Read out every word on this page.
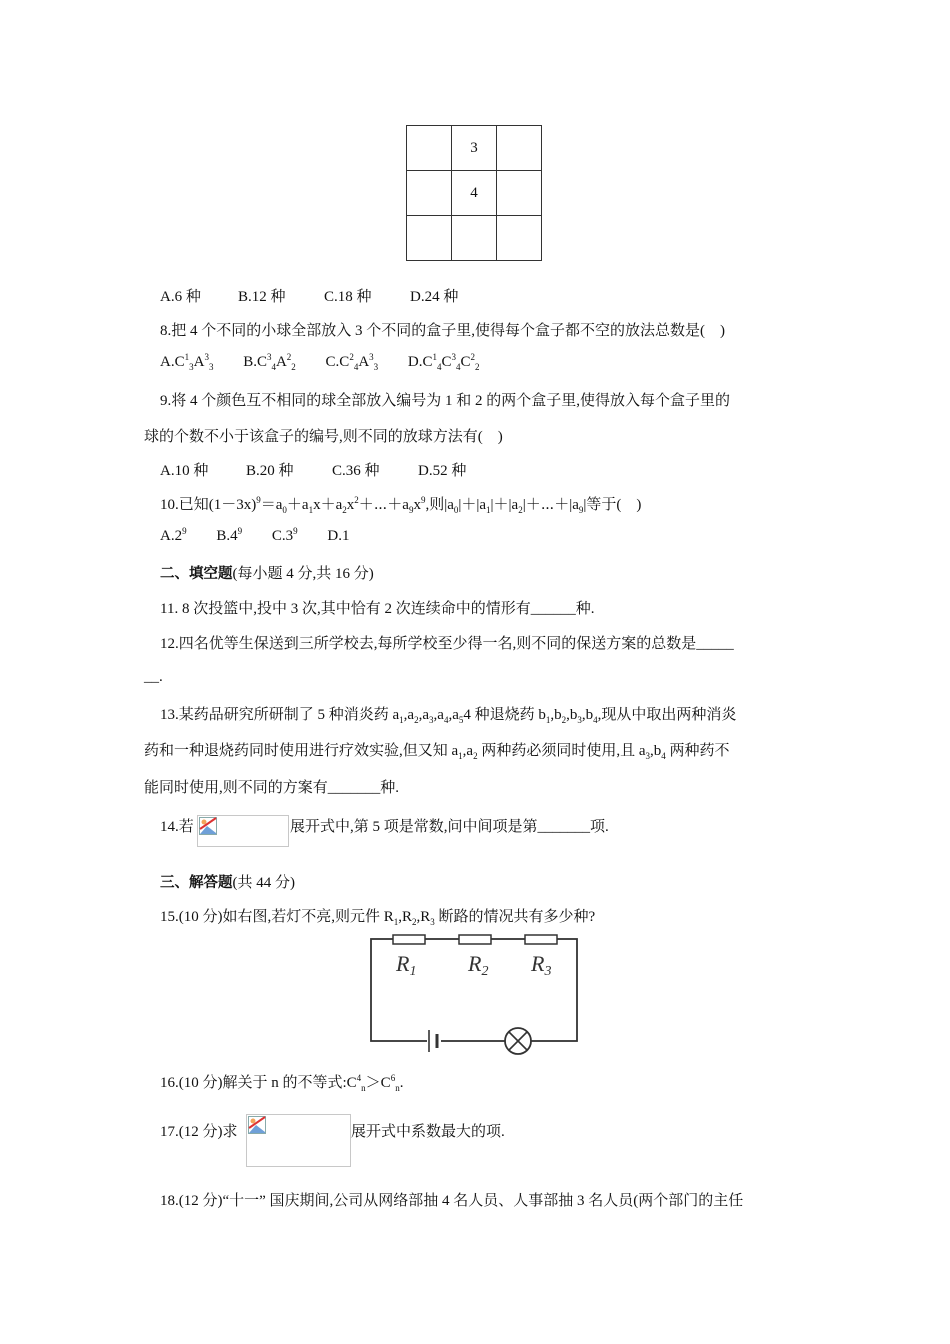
	3	
	4	

A.6 种 B.12 种	C.18 种	D.24 种
8.把 4 个不同的小球全部放入 3 个不同的盒子里,使得每个盒子都不空的放法总数是(　)
$A.C^1_3A^3_3$ $B.C^3_4A^2_2$ $C.C^2_4A^3_3$ $D.C^1_4C^3_4C^2_2$
9.将 4 个颜色互不相同的球全部放入编号为 1 和 2 的两个盒子里,使得放入每个盒子里的
球的个数不小于该盒子的编号,则不同的放球方法有(　)
A.10 种	B.20 种	C.36 种	D.52 种
10.已知$(1-3x)^9=a_0+a_1x+a_2x^2+\cdots+a_9x^9$,则$|a_0|+|a_1|+|a_2|+\cdots+|a_9|$等于(　)
$A.2^9$ $B.4^9$ $C.3^9$ D.1
二、填空题(每小题 4 分,共 16 分)
11. 8 次投篮中,投中 3 次,其中恰有 2 次连续命中的情形有______种.
12.四名优等生保送到三所学校去,每所学校至少得一名,则不同的保送方案的总数是_____
__.
13.某药品研究所研制了 5 种消炎药 $a_1,a_2,a_3,a_4,a_54$ 种退烧药 $b_1,b_2,b_3,b_4$,现从中取出两种消炎
药和一种退烧药同时使用进行疗效实验,但又知 $a_1,a_2$ 两种药必须同时使用,且 $a_3,b_4$ 两种药不
能同时使用,则不同的方案有_______种.
14.若	展开式中,第 5 项是常数,问中间项是第_______项.
三、解答题(共 44 分)
15.(10 分)如右图,若灯不亮,则元件 $R_1,R_2,R_3$ 断路的情况共有多少种?
R1 R2 R3
16.(10 分)解关于 n 的不等式$:C^4_n>C^6_n$.
17.(12 分)求	展开式中系数最大的项.
18.(12 分)“十一” 国庆期间,公司从网络部抽 4 名人员、人事部抽 3 名人员(两个部门的主任
